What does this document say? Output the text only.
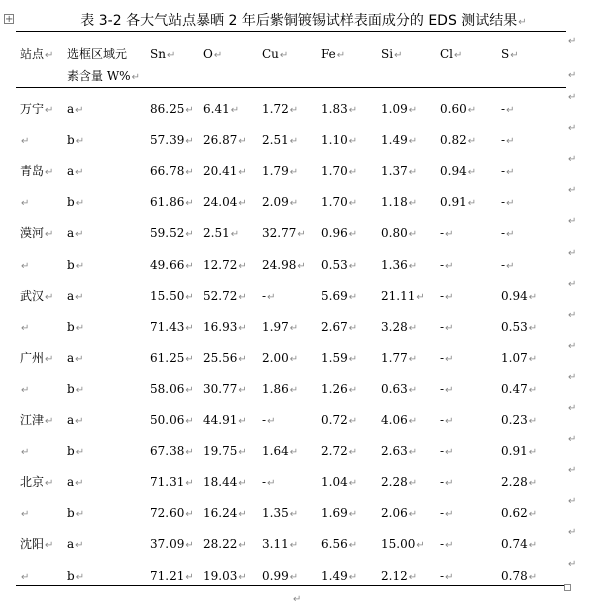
+	表 3-2 各大气站点暴晒 2 年后紫铜镀锡试样表面成分的 EDS 测试结果↵
站点↵ 选框区域元
素含量 W%↵
Sn↵ O↵	Cu↵	Fe↵	Si↵	Cl↵	S↵
万宁↵ a↵	86.25↵ 6.41↵ 1.72↵ 1.83↵ 1.09↵ 0.60↵ -↵
↵	b↵	57.39↵ 26.87↵ 2.51↵ 1.10↵ 1.49↵ 0.82↵ -↵
青岛↵ a↵	66.78↵ 20.41↵ 1.79↵ 1.70↵ 1.37↵ 0.94↵ -↵
↵	b↵	61.86↵ 24.04↵ 2.09↵ 1.70↵ 1.18↵ 0.91↵ -↵
漠河↵ a↵	59.52↵ 2.51↵ 32.77↵ 0.96↵ 0.80↵ -↵	-↵
↵	b↵	49.66↵ 12.72↵ 24.98↵ 0.53↵ 1.36↵ -↵	-↵
武汉↵ a↵	15.50↵ 52.72↵ -↵	5.69↵ 21.11↵ -↵	0.94↵
↵	b↵	71.43↵ 16.93↵ 1.97↵ 2.67↵ 3.28↵ -↵	0.53↵
广州↵ a↵	61.25↵ 25.56↵ 2.00↵ 1.59↵ 1.77↵ -↵	1.07↵
↵	b↵	58.06↵ 30.77↵ 1.86↵ 1.26↵ 0.63↵ -↵	0.47↵
江津↵ a↵	50.06↵ 44.91↵ -↵	0.72↵ 4.06↵ -↵	0.23↵
↵	b↵	67.38↵ 19.75↵ 1.64↵ 2.72↵ 2.63↵ -↵	0.91↵
北京↵ a↵	71.31↵ 18.44↵ -↵	1.04↵ 2.28↵ -↵	2.28↵
↵	b↵	72.60↵ 16.24↵ 1.35↵ 1.69↵ 2.06↵ -↵	0.62↵
沈阳↵ a↵	37.09↵ 28.22↵ 3.11↵ 6.56↵ 15.00↵ -↵	0.74↵
↵	b↵	71.21↵ 19.03↵ 0.99↵ 1.49↵ 2.12↵ -↵	0.78↵
↵
↵
↵
↵
↵
↵
↵
↵
↵
↵
↵
↵
↵
↵
↵
↵
↵
↵
↵
